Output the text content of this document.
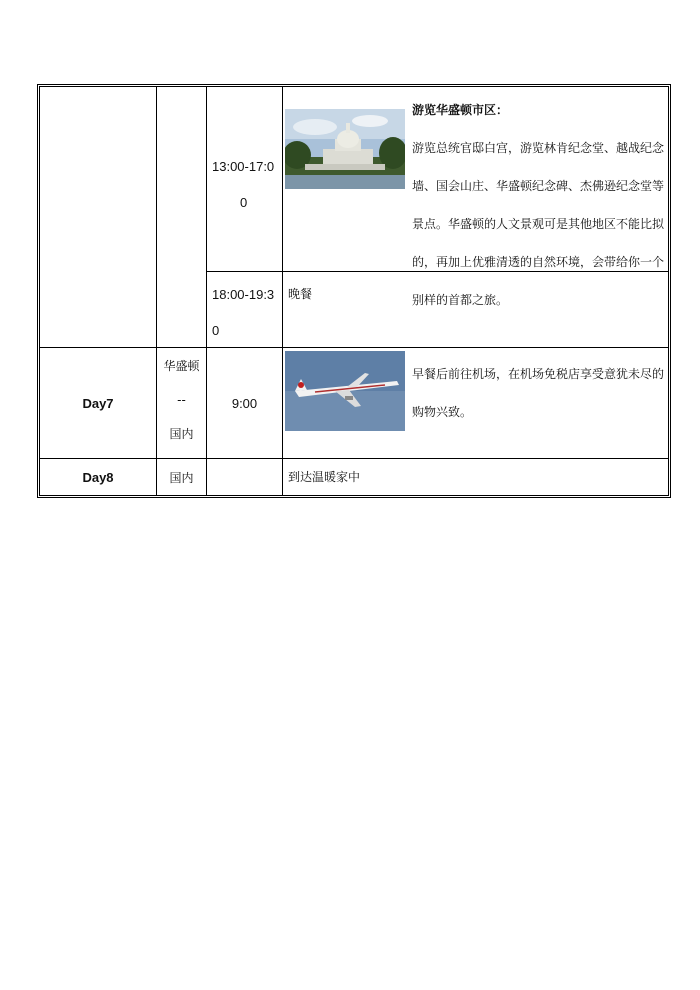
13:00-17:0
0
游览华盛顿市区：
游览总统官邸白宫，游览林肯纪念堂、越战纪念墙、国会山庄、华盛顿纪念碑、杰佛逊纪念堂等景点。华盛顿的人文景观可是其他地区不能比拟的，再加上优雅清透的自然环境，会带给你一个别样的首都之旅。
18:00-19:3
0
晚餐
Day7
华盛顿
--
国内
9:00
早餐后前往机场，在机场免税店享受意犹未尽的购物兴致。
Day8	国内	到达温暖家中
